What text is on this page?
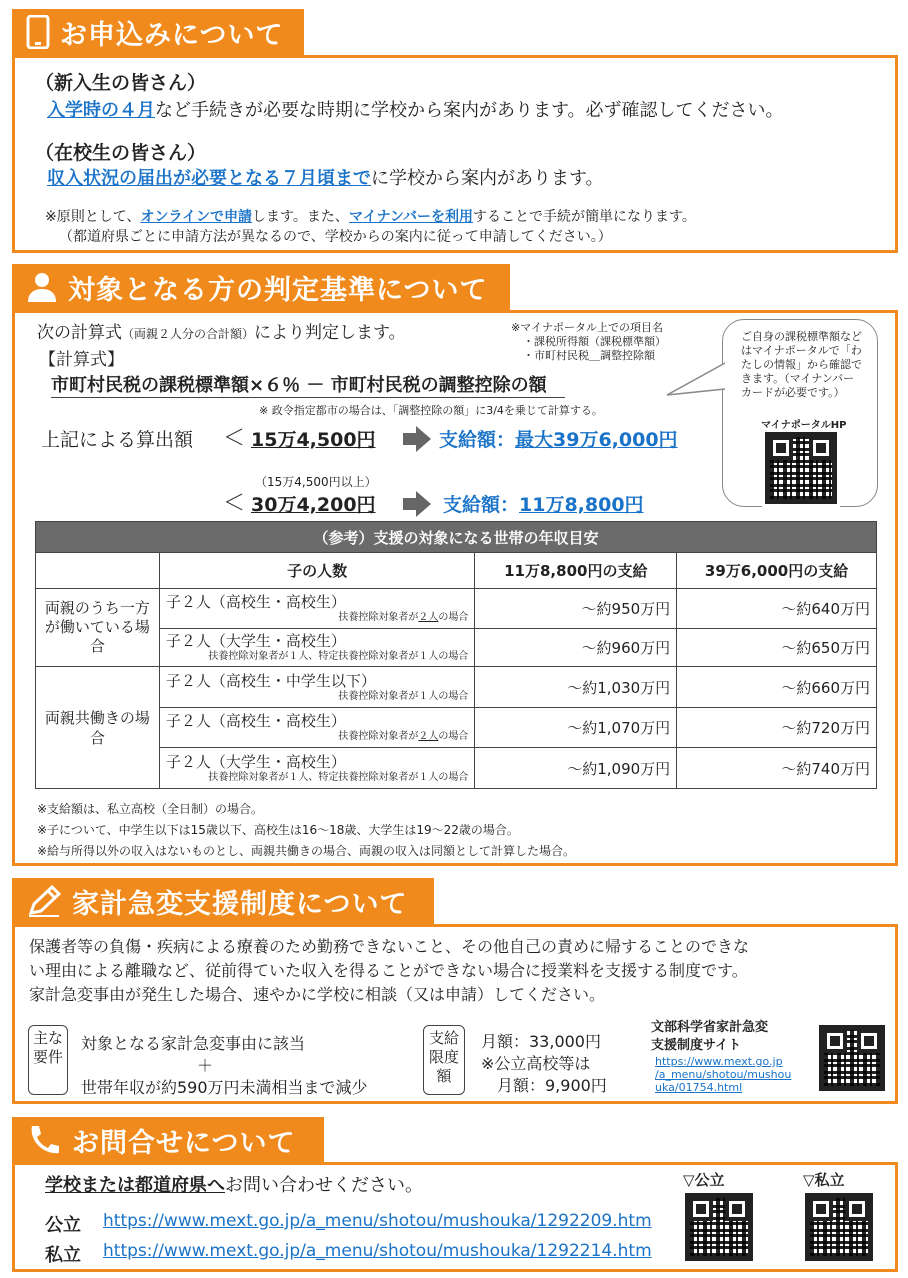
お申込みについて
（新入生の皆さん）
入学時の４月など手続きが必要な時期に学校から案内があります。必ず確認してください。
（在校生の皆さん）
収入状況の届出が必要となる７月頃までに学校から案内があります。
※原則として、オンラインで申請します。また、マイナンバーを利用することで手続が簡単になります。
（都道府県ごとに申請方法が異なるので、学校からの案内に従って申請してください。）
対象となる方の判定基準について
次の計算式（両親２人分の合計額）により判定します。	※マイナポータル上での項目名
・課税所得額（課税標準額）
・市町村民税＿調整控除額
【計算式】
市町村民税の課税標準額×６％ － 市町村民税の調整控除の額
※ 政令指定都市の場合は、「調整控除の額」に3/4を乗じて計算する。
上記による算出額 ＜ 15万4,500円	支給額：最大39万6,000円
（15万4,500円以上）
＜ 30万4,200円	支給額：11万8,800円
ご自身の課税標準額などはマイナポータルで「わたしの情報」から確認できます。（マイナンバーカードが必要です。）
マイナポータルHP
（参考）支援の対象になる世帯の年収目安			
	子の人数	11万8,800円の支給	39万6,000円の支給
両親のうち一方が働いている場合	子２人（高校生・高校生）
扶養控除対象者が２人の場合	～約950万円	～約640万円

	子２人（大学生・高校生）
扶養控除対象者が１人、特定扶養控除対象者が１人の場合	～約960万円	～約650万円
両親共働きの場合	子２人（高校生・中学生以下）
扶養控除対象者が１人の場合	～約1,030万円	～約660万円

	子２人（高校生・高校生）
扶養控除対象者が２人の場合	～約1,070万円	～約720万円

	子２人（大学生・高校生）
扶養控除対象者が１人、特定扶養控除対象者が１人の場合	～約1,090万円	～約740万円
※支給額は、私立高校（全日制）の場合。
※子について、中学生以下は15歳以下、高校生は16～18歳、大学生は19～22歳の場合。
※給与所得以外の収入はないものとし、両親共働きの場合、両親の収入は同額として計算した場合。
家計急変支援制度について
保護者等の負傷・疾病による療養のため勤務できないこと、その他自己の責めに帰することのできな
い理由による離職など、従前得ていた収入を得ることができない場合に授業料を支援する制度です。
家計急変事由が発生した場合、速やかに学校に相談（又は申請）してください。
主な
要件
対象となる家計急変事由に該当
＋
世帯年収が約590万円未満相当まで減少
支給
限度
額
月額：33,000円
※公立高校等は
月額：9,900円
文部科学省家計急変
支援制度サイト
https://www.mext.go.jp
/a_menu/shotou/mushou
uka/01754.html
お問合せについて
学校または都道府県へお問い合わせください。
公立 https://www.mext.go.jp/a_menu/shotou/mushouka/1292209.htm
私立 https://www.mext.go.jp/a_menu/shotou/mushouka/1292214.htm
▽公立	▽私立
